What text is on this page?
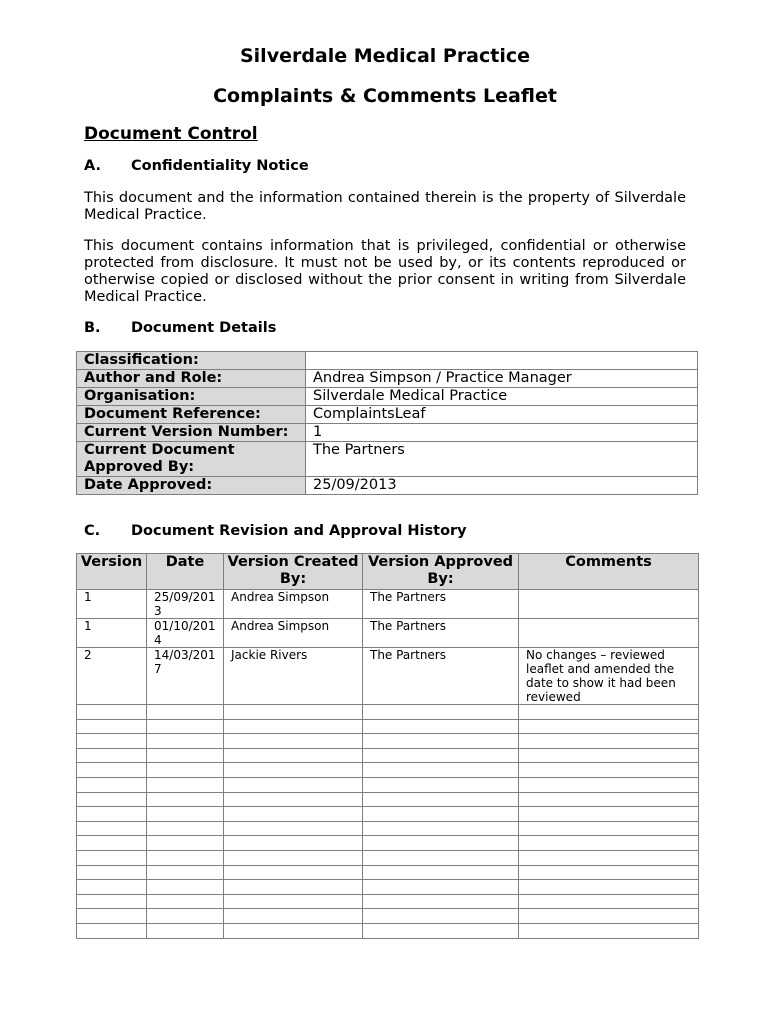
Silverdale Medical Practice
Complaints & Comments Leaflet
Document Control
A. Confidentiality Notice
This document and the information contained therein is the property of Silverdale Medical Practice.
This document contains information that is privileged, confidential or otherwise protected from disclosure. It must not be used by, or its contents reproduced or otherwise copied or disclosed without the prior consent in writing from Silverdale Medical Practice.
B. Document Details
Classification:	
Author and Role:	Andrea Simpson / Practice Manager
Organisation:	Silverdale Medical Practice
Document Reference:	ComplaintsLeaf
Current Version Number:	1
Current Document Approved By:	The Partners
Date Approved:	25/09/2013
C. Document Revision and Approval History
Version	Date	Version Created By:	Version Approved By:	Comments
1	25/09/2013	Andrea Simpson	The Partners	
1	01/10/2014	Andrea Simpson	The Partners	
2	14/03/2017	Jackie Rivers	The Partners	No changes – reviewed leaflet and amended the date to show it had been reviewed
